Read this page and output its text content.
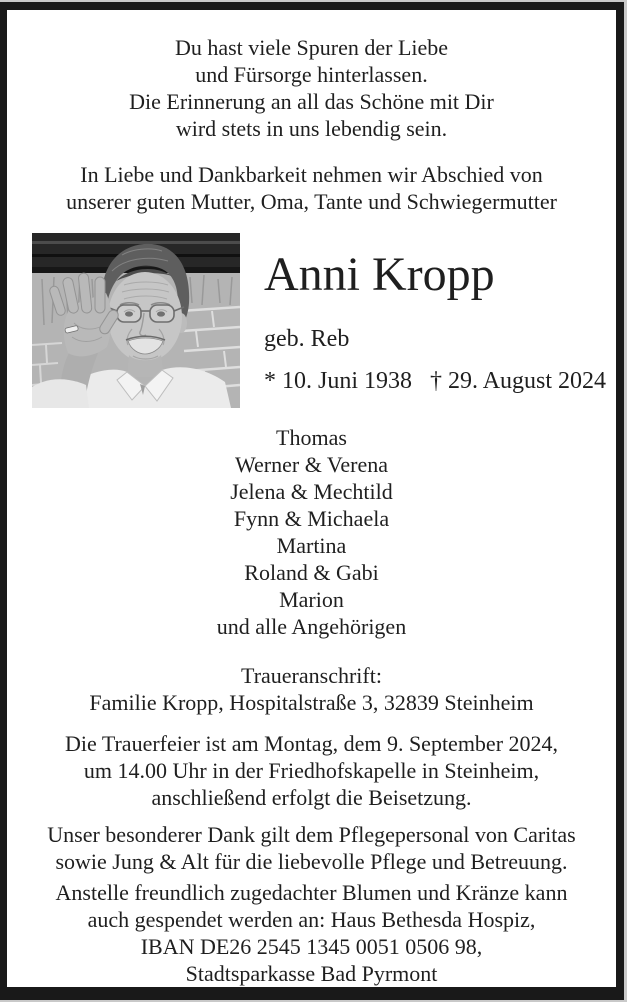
Du hast viele Spuren der Liebe
und Fürsorge hinterlassen.
Die Erinnerung an all das Schöne mit Dir
wird stets in uns lebendig sein.
In Liebe und Dankbarkeit nehmen wir Abschied von
unserer guten Mutter, Oma, Tante und Schwiegermutter
Anni Kropp
geb. Reb
* 10. Juni 1938 † 29. August 2024
Thomas
Werner & Verena
Jelena & Mechtild
Fynn & Michaela
Martina
Roland & Gabi
Marion
und alle Angehörigen
Traueranschrift:
Familie Kropp, Hospitalstraße 3, 32839 Steinheim
Die Trauerfeier ist am Montag, dem 9. September 2024,
um 14.00 Uhr in der Friedhofskapelle in Steinheim,
anschließend erfolgt die Beisetzung.
Unser besonderer Dank gilt dem Pflegepersonal von Caritas
sowie Jung & Alt für die liebevolle Pflege und Betreuung.
Anstelle freundlich zugedachter Blumen und Kränze kann
auch gespendet werden an: Haus Bethesda Hospiz,
IBAN DE26 2545 1345 0051 0506 98,
Stadtsparkasse Bad Pyrmont
